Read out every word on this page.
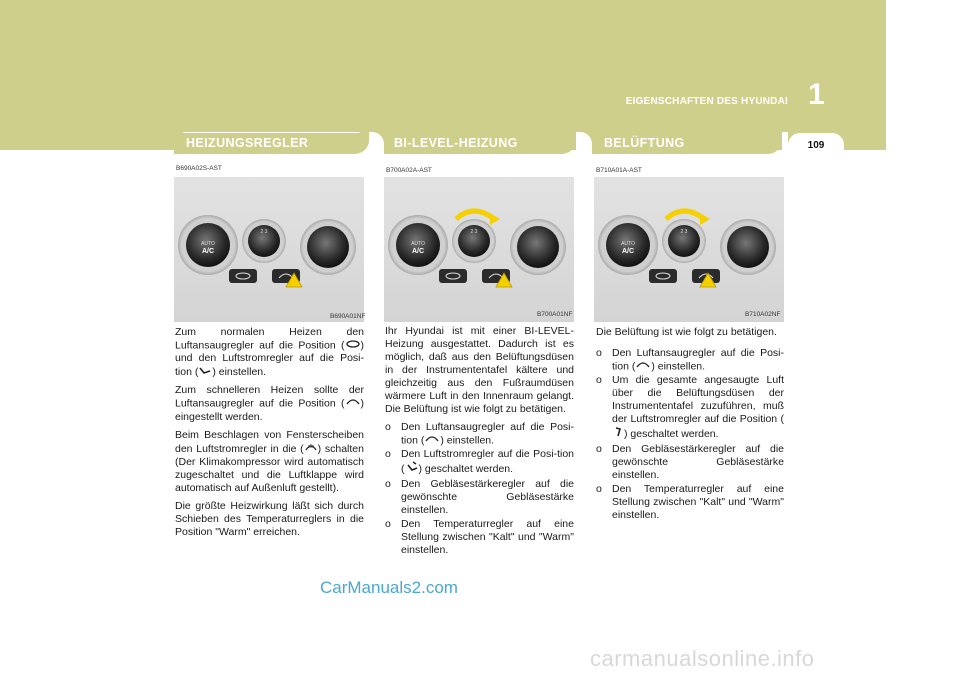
EIGENSCHAFTEN DES HYUNDAI 1
109
HEIZUNGSREGLER	BI-LEVEL-HEIZUNG	BELÜFTUNG
B690A02S-AST	B700A02A-AST	B710A01A-AST
B690A01NF	B700A01NF	B710A02NF

Zum normalen Heizen den Luftansaugregler auf die Position ( ) und den Luftstromregler auf die Posi-tion ( ) einstellen.

Zum schnelleren Heizen sollte der Luftansaugregler auf die Position ( ) eingestellt werden.

Beim Beschlagen von Fensterscheiben den Luftstromregler in die ( ) schalten (Der Klimakompressor wird automatisch zugeschaltet und die Luftklappe wird automatisch auf Außenluft gestellt).

Die größte Heizwirkung läßt sich durch Schieben des Temperaturreglers in die Position "Warm" erreichen.

Ihr Hyundai ist mit einer BI-LEVEL-Heizung ausgestattet. Dadurch ist es möglich, daß aus den Belüftungsdüsen in der Instrumententafel kältere und gleichzeitig aus den Fußraumdüsen wärmere Luft in den Innenraum gelangt. Die Belüftung ist wie folgt zu betätigen.

o Den Luftansaugregler auf die Posi-tion ( ) einstellen.
o Den Luftstromregler auf die Posi-tion ( ) geschaltet werden.
o Den Gebläsestärkeregler auf die gewönschte Gebläsestärke einstellen.
o Den Temperaturregler auf eine Stellung zwischen "Kalt" und "Warm" einstellen.

Die Belüftung ist wie folgt zu betätigen.

o Den Luftansaugregler auf die Posi-tion ( ) einstellen.
o Um die gesamte angesaugte Luft über die Belüftungsdüsen der Instrumententafel zuzuführen, muß der Luftstromregler auf die Position () geschaltet werden.
o Den Gebläsestärkeregler auf die gewönschte Gebläsestärke einstellen.
o Den Temperaturregler auf eine Stellung zwischen "Kalt" und "Warm" einstellen.
CarManuals2.com
carmanualsonline.info
